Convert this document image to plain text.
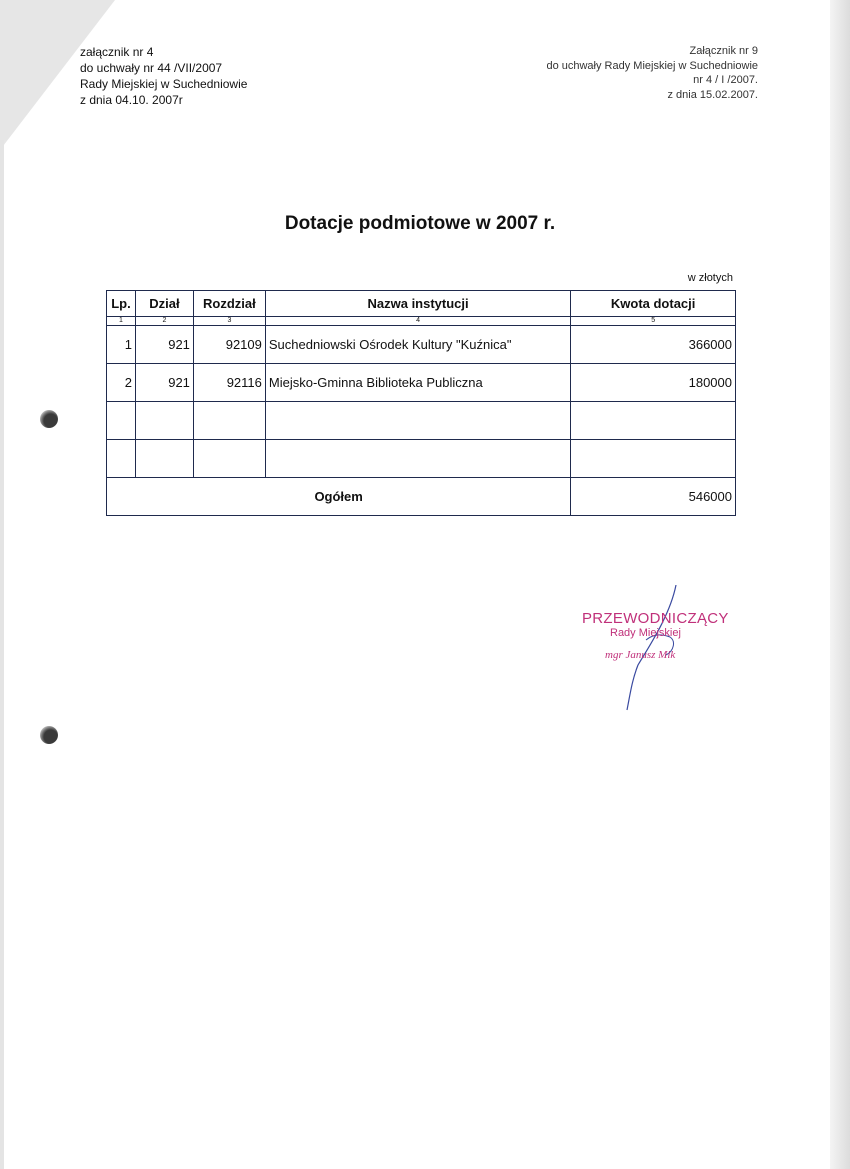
załącznik nr 4
do uchwały nr 44 /VII/2007
Rady Miejskiej w Suchedniowie
z dnia 04.10. 2007r
Załącznik nr 9
do uchwały Rady Miejskiej w Suchedniowie
nr 4 / I /2007.
z dnia 15.02.2007.
Dotacje podmiotowe w 2007 r.
w złotych
Lp.	Dział	Rozdział	Nazwa instytucji	Kwota dotacji
1	2	3	4	5
1	921	92109	Suchedniowski Ośrodek Kultury "Kuźnica"	366000
2	921	92116	Miejsko-Gminna Biblioteka Publiczna	180000

Ogółem				546000
PRZEWODNICZĄCY
Rady Miejskiej
mgr Janusz Mik
